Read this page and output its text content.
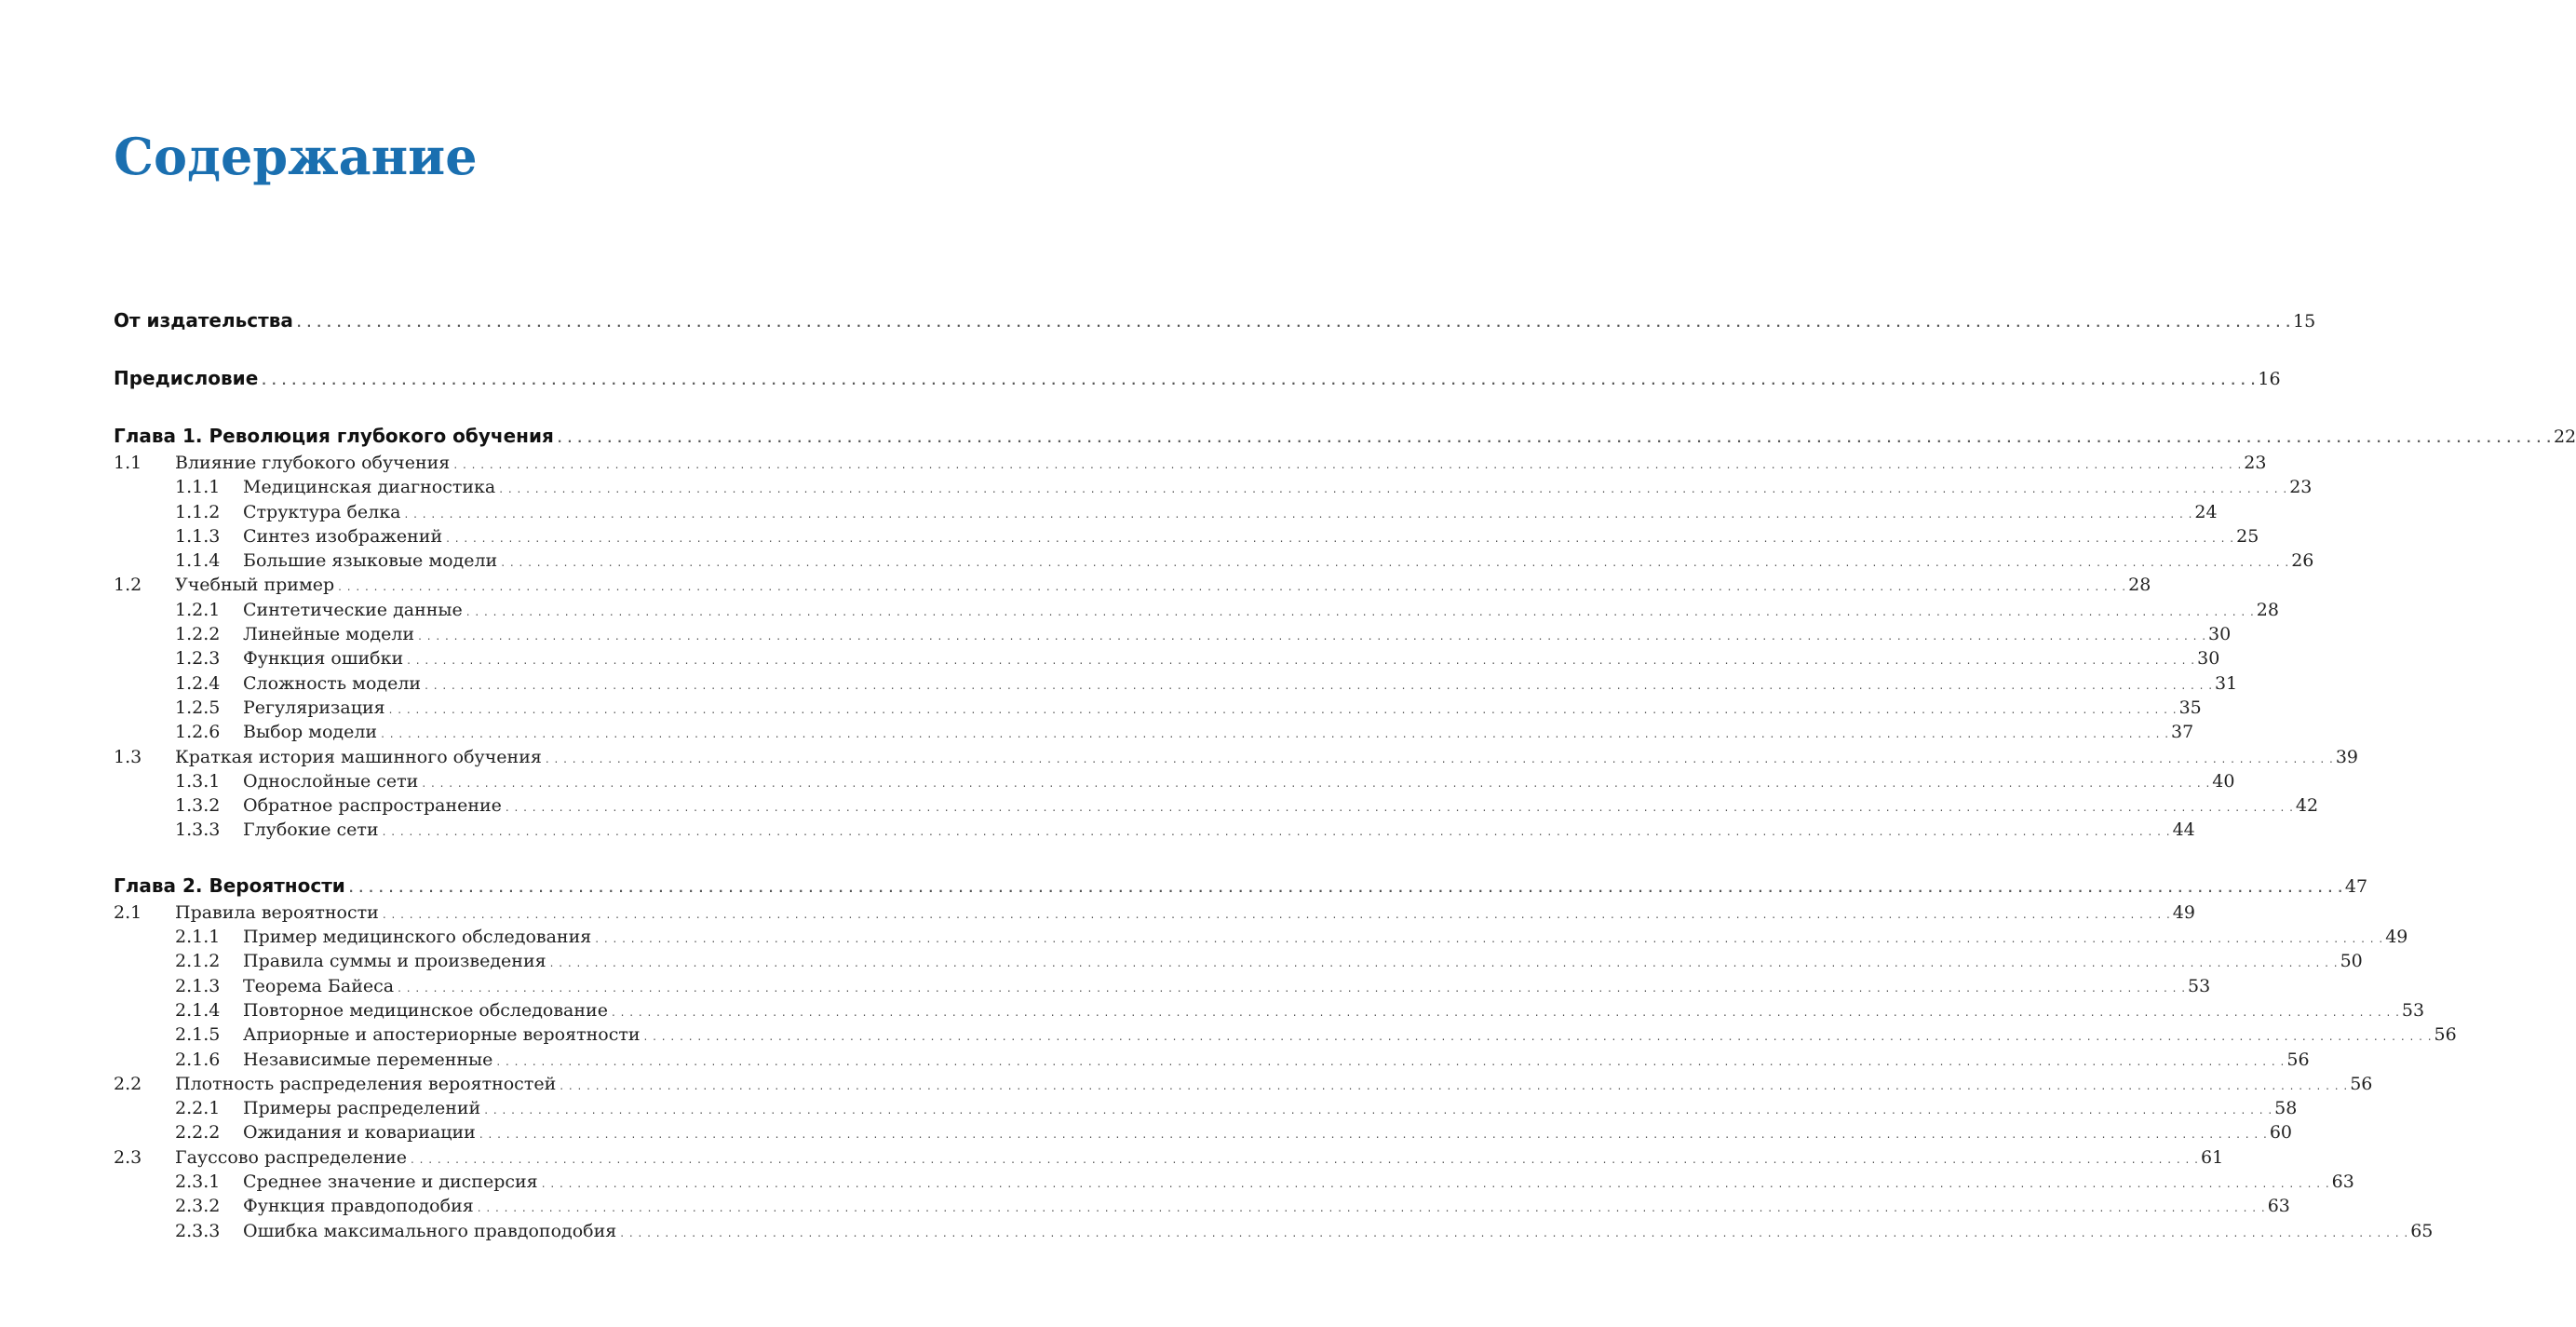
Содержание
От издательства . . . . . . . . . . . . . . . . . . . . . . . . . . . . . . . . . . . . . . . . . . . . . . . . . . . . . . . . . . . . . . . . . . . . . . . . . . . . . . . . . . . . . . . . . . . . . . . . . . . . . . . . . . . . . . . . . . . . . . . . . . . . . . . . . . . . . . . . . . . . . . . . . . . . . . . . . . . . . . . . . . . . . . . . . . . . . . . . . . . . . . . . . . . . . . . . . . . . . . . . 15
Предисловие . . . . . . . . . . . . . . . . . . . . . . . . . . . . . . . . . . . . . . . . . . . . . . . . . . . . . . . . . . . . . . . . . . . . . . . . . . . . . . . . . . . . . . . . . . . . . . . . . . . . . . . . . . . . . . . . . . . . . . . . . . . . . . . . . . . . . . . . . . . . . . . . . . . . . . . . . . . . . . . . . . . . . . . . . . . . . . . . . . . . . . . . . . . . . . . . . . . . . . . . 16
Глава 1. Революция глубокого обучения . . . . . . . . . . . . . . . . . . . . . . . . . . . . . . . . . . . . . . . . . . . . . . . . . . . . . . . . . . . . . . . . . . . . . . . . . . . . . . . . . . . . . . . . . . . . . . . . . . . . . . . . . . . . . . . . . . . . . . . . . . . . . . . . . . . . . . . . . . . . . . . . . . . . . . . . . . . . . . . . . . . . . . . . . . . . . . . . . . . . . . . . . . . . . . . . . . . . . . . . 22
1.1 Влияние глубокого обучения . . . . . . . . . . . . . . . . . . . . . . . . . . . . . . . . . . . . . . . . . . . . . . . . . . . . . . . . . . . . . . . . . . . . . . . . . . . . . . . . . . . . . . . . . . . . . . . . . . . . . . . . . . . . . . . . . . . . . . . . . . . . . . . . . . . . . . . . . . . . . . . . . . . . . . . . . . . . . . . . . . . . . . . . . . . . . . . . . . . . . . . . . . . . . . . . . . . . . . . . 23
1.1.1 Медицинская диагностика . . . . . . . . . . . . . . . . . . . . . . . . . . . . . . . . . . . . . . . . . . . . . . . . . . . . . . . . . . . . . . . . . . . . . . . . . . . . . . . . . . . . . . . . . . . . . . . . . . . . . . . . . . . . . . . . . . . . . . . . . . . . . . . . . . . . . . . . . . . . . . . . . . . . . . . . . . . . . . . . . . . . . . . . . . . . . . . . . . . . . . . . . . . . . . . . . . . . . . . . 23
1.1.2 Структура белка . . . . . . . . . . . . . . . . . . . . . . . . . . . . . . . . . . . . . . . . . . . . . . . . . . . . . . . . . . . . . . . . . . . . . . . . . . . . . . . . . . . . . . . . . . . . . . . . . . . . . . . . . . . . . . . . . . . . . . . . . . . . . . . . . . . . . . . . . . . . . . . . . . . . . . . . . . . . . . . . . . . . . . . . . . . . . . . . . . . . . . . . . . . . . . . . . . . . . . . . 24
1.1.3 Синтез изображений . . . . . . . . . . . . . . . . . . . . . . . . . . . . . . . . . . . . . . . . . . . . . . . . . . . . . . . . . . . . . . . . . . . . . . . . . . . . . . . . . . . . . . . . . . . . . . . . . . . . . . . . . . . . . . . . . . . . . . . . . . . . . . . . . . . . . . . . . . . . . . . . . . . . . . . . . . . . . . . . . . . . . . . . . . . . . . . . . . . . . . . . . . . . . . . . . . . . . . . . 25
1.1.4 Большие языковые модели . . . . . . . . . . . . . . . . . . . . . . . . . . . . . . . . . . . . . . . . . . . . . . . . . . . . . . . . . . . . . . . . . . . . . . . . . . . . . . . . . . . . . . . . . . . . . . . . . . . . . . . . . . . . . . . . . . . . . . . . . . . . . . . . . . . . . . . . . . . . . . . . . . . . . . . . . . . . . . . . . . . . . . . . . . . . . . . . . . . . . . . . . . . . . . . . . . . . . . . . 26
1.2 Учебный пример . . . . . . . . . . . . . . . . . . . . . . . . . . . . . . . . . . . . . . . . . . . . . . . . . . . . . . . . . . . . . . . . . . . . . . . . . . . . . . . . . . . . . . . . . . . . . . . . . . . . . . . . . . . . . . . . . . . . . . . . . . . . . . . . . . . . . . . . . . . . . . . . . . . . . . . . . . . . . . . . . . . . . . . . . . . . . . . . . . . . . . . . . . . . . . . . . . . . . . . . 28
1.2.1 Синтетические данные . . . . . . . . . . . . . . . . . . . . . . . . . . . . . . . . . . . . . . . . . . . . . . . . . . . . . . . . . . . . . . . . . . . . . . . . . . . . . . . . . . . . . . . . . . . . . . . . . . . . . . . . . . . . . . . . . . . . . . . . . . . . . . . . . . . . . . . . . . . . . . . . . . . . . . . . . . . . . . . . . . . . . . . . . . . . . . . . . . . . . . . . . . . . . . . . . . . . . . . . 28
1.2.2 Линейные модели . . . . . . . . . . . . . . . . . . . . . . . . . . . . . . . . . . . . . . . . . . . . . . . . . . . . . . . . . . . . . . . . . . . . . . . . . . . . . . . . . . . . . . . . . . . . . . . . . . . . . . . . . . . . . . . . . . . . . . . . . . . . . . . . . . . . . . . . . . . . . . . . . . . . . . . . . . . . . . . . . . . . . . . . . . . . . . . . . . . . . . . . . . . . . . . . . . . . . . . . 30
1.2.3 Функция ошибки . . . . . . . . . . . . . . . . . . . . . . . . . . . . . . . . . . . . . . . . . . . . . . . . . . . . . . . . . . . . . . . . . . . . . . . . . . . . . . . . . . . . . . . . . . . . . . . . . . . . . . . . . . . . . . . . . . . . . . . . . . . . . . . . . . . . . . . . . . . . . . . . . . . . . . . . . . . . . . . . . . . . . . . . . . . . . . . . . . . . . . . . . . . . . . . . . . . . . . . . 30
1.2.4 Сложность модели . . . . . . . . . . . . . . . . . . . . . . . . . . . . . . . . . . . . . . . . . . . . . . . . . . . . . . . . . . . . . . . . . . . . . . . . . . . . . . . . . . . . . . . . . . . . . . . . . . . . . . . . . . . . . . . . . . . . . . . . . . . . . . . . . . . . . . . . . . . . . . . . . . . . . . . . . . . . . . . . . . . . . . . . . . . . . . . . . . . . . . . . . . . . . . . . . . . . . . . . 31
1.2.5 Регуляризация . . . . . . . . . . . . . . . . . . . . . . . . . . . . . . . . . . . . . . . . . . . . . . . . . . . . . . . . . . . . . . . . . . . . . . . . . . . . . . . . . . . . . . . . . . . . . . . . . . . . . . . . . . . . . . . . . . . . . . . . . . . . . . . . . . . . . . . . . . . . . . . . . . . . . . . . . . . . . . . . . . . . . . . . . . . . . . . . . . . . . . . . . . . . . . . . . . . . . . . . 35
1.2.6 Выбор модели . . . . . . . . . . . . . . . . . . . . . . . . . . . . . . . . . . . . . . . . . . . . . . . . . . . . . . . . . . . . . . . . . . . . . . . . . . . . . . . . . . . . . . . . . . . . . . . . . . . . . . . . . . . . . . . . . . . . . . . . . . . . . . . . . . . . . . . . . . . . . . . . . . . . . . . . . . . . . . . . . . . . . . . . . . . . . . . . . . . . . . . . . . . . . . . . . . . . . . . . 37
1.3 Краткая история машинного обучения . . . . . . . . . . . . . . . . . . . . . . . . . . . . . . . . . . . . . . . . . . . . . . . . . . . . . . . . . . . . . . . . . . . . . . . . . . . . . . . . . . . . . . . . . . . . . . . . . . . . . . . . . . . . . . . . . . . . . . . . . . . . . . . . . . . . . . . . . . . . . . . . . . . . . . . . . . . . . . . . . . . . . . . . . . . . . . . . . . . . . . . . . . . . . . . . . . . . . . . . 39
1.3.1 Однослойные сети . . . . . . . . . . . . . . . . . . . . . . . . . . . . . . . . . . . . . . . . . . . . . . . . . . . . . . . . . . . . . . . . . . . . . . . . . . . . . . . . . . . . . . . . . . . . . . . . . . . . . . . . . . . . . . . . . . . . . . . . . . . . . . . . . . . . . . . . . . . . . . . . . . . . . . . . . . . . . . . . . . . . . . . . . . . . . . . . . . . . . . . . . . . . . . . . . . . . . . . . 40
1.3.2 Обратное распространение . . . . . . . . . . . . . . . . . . . . . . . . . . . . . . . . . . . . . . . . . . . . . . . . . . . . . . . . . . . . . . . . . . . . . . . . . . . . . . . . . . . . . . . . . . . . . . . . . . . . . . . . . . . . . . . . . . . . . . . . . . . . . . . . . . . . . . . . . . . . . . . . . . . . . . . . . . . . . . . . . . . . . . . . . . . . . . . . . . . . . . . . . . . . . . . . . . . . . . . . 42
1.3.3 Глубокие сети . . . . . . . . . . . . . . . . . . . . . . . . . . . . . . . . . . . . . . . . . . . . . . . . . . . . . . . . . . . . . . . . . . . . . . . . . . . . . . . . . . . . . . . . . . . . . . . . . . . . . . . . . . . . . . . . . . . . . . . . . . . . . . . . . . . . . . . . . . . . . . . . . . . . . . . . . . . . . . . . . . . . . . . . . . . . . . . . . . . . . . . . . . . . . . . . . . . . . . . . 44
Глава 2. Вероятности . . . . . . . . . . . . . . . . . . . . . . . . . . . . . . . . . . . . . . . . . . . . . . . . . . . . . . . . . . . . . . . . . . . . . . . . . . . . . . . . . . . . . . . . . . . . . . . . . . . . . . . . . . . . . . . . . . . . . . . . . . . . . . . . . . . . . . . . . . . . . . . . . . . . . . . . . . . . . . . . . . . . . . . . . . . . . . . . . . . . . . . . . . . . . . . . . . . . . . . . 47
2.1 Правила вероятности . . . . . . . . . . . . . . . . . . . . . . . . . . . . . . . . . . . . . . . . . . . . . . . . . . . . . . . . . . . . . . . . . . . . . . . . . . . . . . . . . . . . . . . . . . . . . . . . . . . . . . . . . . . . . . . . . . . . . . . . . . . . . . . . . . . . . . . . . . . . . . . . . . . . . . . . . . . . . . . . . . . . . . . . . . . . . . . . . . . . . . . . . . . . . . . . . . . . . . . . 49
2.1.1 Пример медицинского обследования . . . . . . . . . . . . . . . . . . . . . . . . . . . . . . . . . . . . . . . . . . . . . . . . . . . . . . . . . . . . . . . . . . . . . . . . . . . . . . . . . . . . . . . . . . . . . . . . . . . . . . . . . . . . . . . . . . . . . . . . . . . . . . . . . . . . . . . . . . . . . . . . . . . . . . . . . . . . . . . . . . . . . . . . . . . . . . . . . . . . . . . . . . . . . . . . . . . . . . . . 49
2.1.2 Правила суммы и произведения . . . . . . . . . . . . . . . . . . . . . . . . . . . . . . . . . . . . . . . . . . . . . . . . . . . . . . . . . . . . . . . . . . . . . . . . . . . . . . . . . . . . . . . . . . . . . . . . . . . . . . . . . . . . . . . . . . . . . . . . . . . . . . . . . . . . . . . . . . . . . . . . . . . . . . . . . . . . . . . . . . . . . . . . . . . . . . . . . . . . . . . . . . . . . . . . . . . . . . . . 50
2.1.3 Теорема Байеса . . . . . . . . . . . . . . . . . . . . . . . . . . . . . . . . . . . . . . . . . . . . . . . . . . . . . . . . . . . . . . . . . . . . . . . . . . . . . . . . . . . . . . . . . . . . . . . . . . . . . . . . . . . . . . . . . . . . . . . . . . . . . . . . . . . . . . . . . . . . . . . . . . . . . . . . . . . . . . . . . . . . . . . . . . . . . . . . . . . . . . . . . . . . . . . . . . . . . . . . 53
2.1.4 Повторное медицинское обследование . . . . . . . . . . . . . . . . . . . . . . . . . . . . . . . . . . . . . . . . . . . . . . . . . . . . . . . . . . . . . . . . . . . . . . . . . . . . . . . . . . . . . . . . . . . . . . . . . . . . . . . . . . . . . . . . . . . . . . . . . . . . . . . . . . . . . . . . . . . . . . . . . . . . . . . . . . . . . . . . . . . . . . . . . . . . . . . . . . . . . . . . . . . . . . . . . . . . . . . . 53
2.1.5 Априорные и апостериорные вероятности . . . . . . . . . . . . . . . . . . . . . . . . . . . . . . . . . . . . . . . . . . . . . . . . . . . . . . . . . . . . . . . . . . . . . . . . . . . . . . . . . . . . . . . . . . . . . . . . . . . . . . . . . . . . . . . . . . . . . . . . . . . . . . . . . . . . . . . . . . . . . . . . . . . . . . . . . . . . . . . . . . . . . . . . . . . . . . . . . . . . . . . . . . . . . . . . . . . . . . . . 56
2.1.6 Независимые переменные . . . . . . . . . . . . . . . . . . . . . . . . . . . . . . . . . . . . . . . . . . . . . . . . . . . . . . . . . . . . . . . . . . . . . . . . . . . . . . . . . . . . . . . . . . . . . . . . . . . . . . . . . . . . . . . . . . . . . . . . . . . . . . . . . . . . . . . . . . . . . . . . . . . . . . . . . . . . . . . . . . . . . . . . . . . . . . . . . . . . . . . . . . . . . . . . . . . . . . . . 56
2.2 Плотность распределения вероятностей . . . . . . . . . . . . . . . . . . . . . . . . . . . . . . . . . . . . . . . . . . . . . . . . . . . . . . . . . . . . . . . . . . . . . . . . . . . . . . . . . . . . . . . . . . . . . . . . . . . . . . . . . . . . . . . . . . . . . . . . . . . . . . . . . . . . . . . . . . . . . . . . . . . . . . . . . . . . . . . . . . . . . . . . . . . . . . . . . . . . . . . . . . . . . . . . . . . . . . . . 56
2.2.1 Примеры распределений . . . . . . . . . . . . . . . . . . . . . . . . . . . . . . . . . . . . . . . . . . . . . . . . . . . . . . . . . . . . . . . . . . . . . . . . . . . . . . . . . . . . . . . . . . . . . . . . . . . . . . . . . . . . . . . . . . . . . . . . . . . . . . . . . . . . . . . . . . . . . . . . . . . . . . . . . . . . . . . . . . . . . . . . . . . . . . . . . . . . . . . . . . . . . . . . . . . . . . . . 58
2.2.2 Ожидания и ковариации . . . . . . . . . . . . . . . . . . . . . . . . . . . . . . . . . . . . . . . . . . . . . . . . . . . . . . . . . . . . . . . . . . . . . . . . . . . . . . . . . . . . . . . . . . . . . . . . . . . . . . . . . . . . . . . . . . . . . . . . . . . . . . . . . . . . . . . . . . . . . . . . . . . . . . . . . . . . . . . . . . . . . . . . . . . . . . . . . . . . . . . . . . . . . . . . . . . . . . . . 60
2.3 Гауссово распределение . . . . . . . . . . . . . . . . . . . . . . . . . . . . . . . . . . . . . . . . . . . . . . . . . . . . . . . . . . . . . . . . . . . . . . . . . . . . . . . . . . . . . . . . . . . . . . . . . . . . . . . . . . . . . . . . . . . . . . . . . . . . . . . . . . . . . . . . . . . . . . . . . . . . . . . . . . . . . . . . . . . . . . . . . . . . . . . . . . . . . . . . . . . . . . . . . . . . . . . . 61
2.3.1 Среднее значение и дисперсия . . . . . . . . . . . . . . . . . . . . . . . . . . . . . . . . . . . . . . . . . . . . . . . . . . . . . . . . . . . . . . . . . . . . . . . . . . . . . . . . . . . . . . . . . . . . . . . . . . . . . . . . . . . . . . . . . . . . . . . . . . . . . . . . . . . . . . . . . . . . . . . . . . . . . . . . . . . . . . . . . . . . . . . . . . . . . . . . . . . . . . . . . . . . . . . . . . . . . . . . 63
2.3.2 Функция правдоподобия . . . . . . . . . . . . . . . . . . . . . . . . . . . . . . . . . . . . . . . . . . . . . . . . . . . . . . . . . . . . . . . . . . . . . . . . . . . . . . . . . . . . . . . . . . . . . . . . . . . . . . . . . . . . . . . . . . . . . . . . . . . . . . . . . . . . . . . . . . . . . . . . . . . . . . . . . . . . . . . . . . . . . . . . . . . . . . . . . . . . . . . . . . . . . . . . . . . . . . . . 63
2.3.3 Ошибка максимального правдоподобия . . . . . . . . . . . . . . . . . . . . . . . . . . . . . . . . . . . . . . . . . . . . . . . . . . . . . . . . . . . . . . . . . . . . . . . . . . . . . . . . . . . . . . . . . . . . . . . . . . . . . . . . . . . . . . . . . . . . . . . . . . . . . . . . . . . . . . . . . . . . . . . . . . . . . . . . . . . . . . . . . . . . . . . . . . . . . . . . . . . . . . . . . . . . . . . . . . . . . . . . 65
